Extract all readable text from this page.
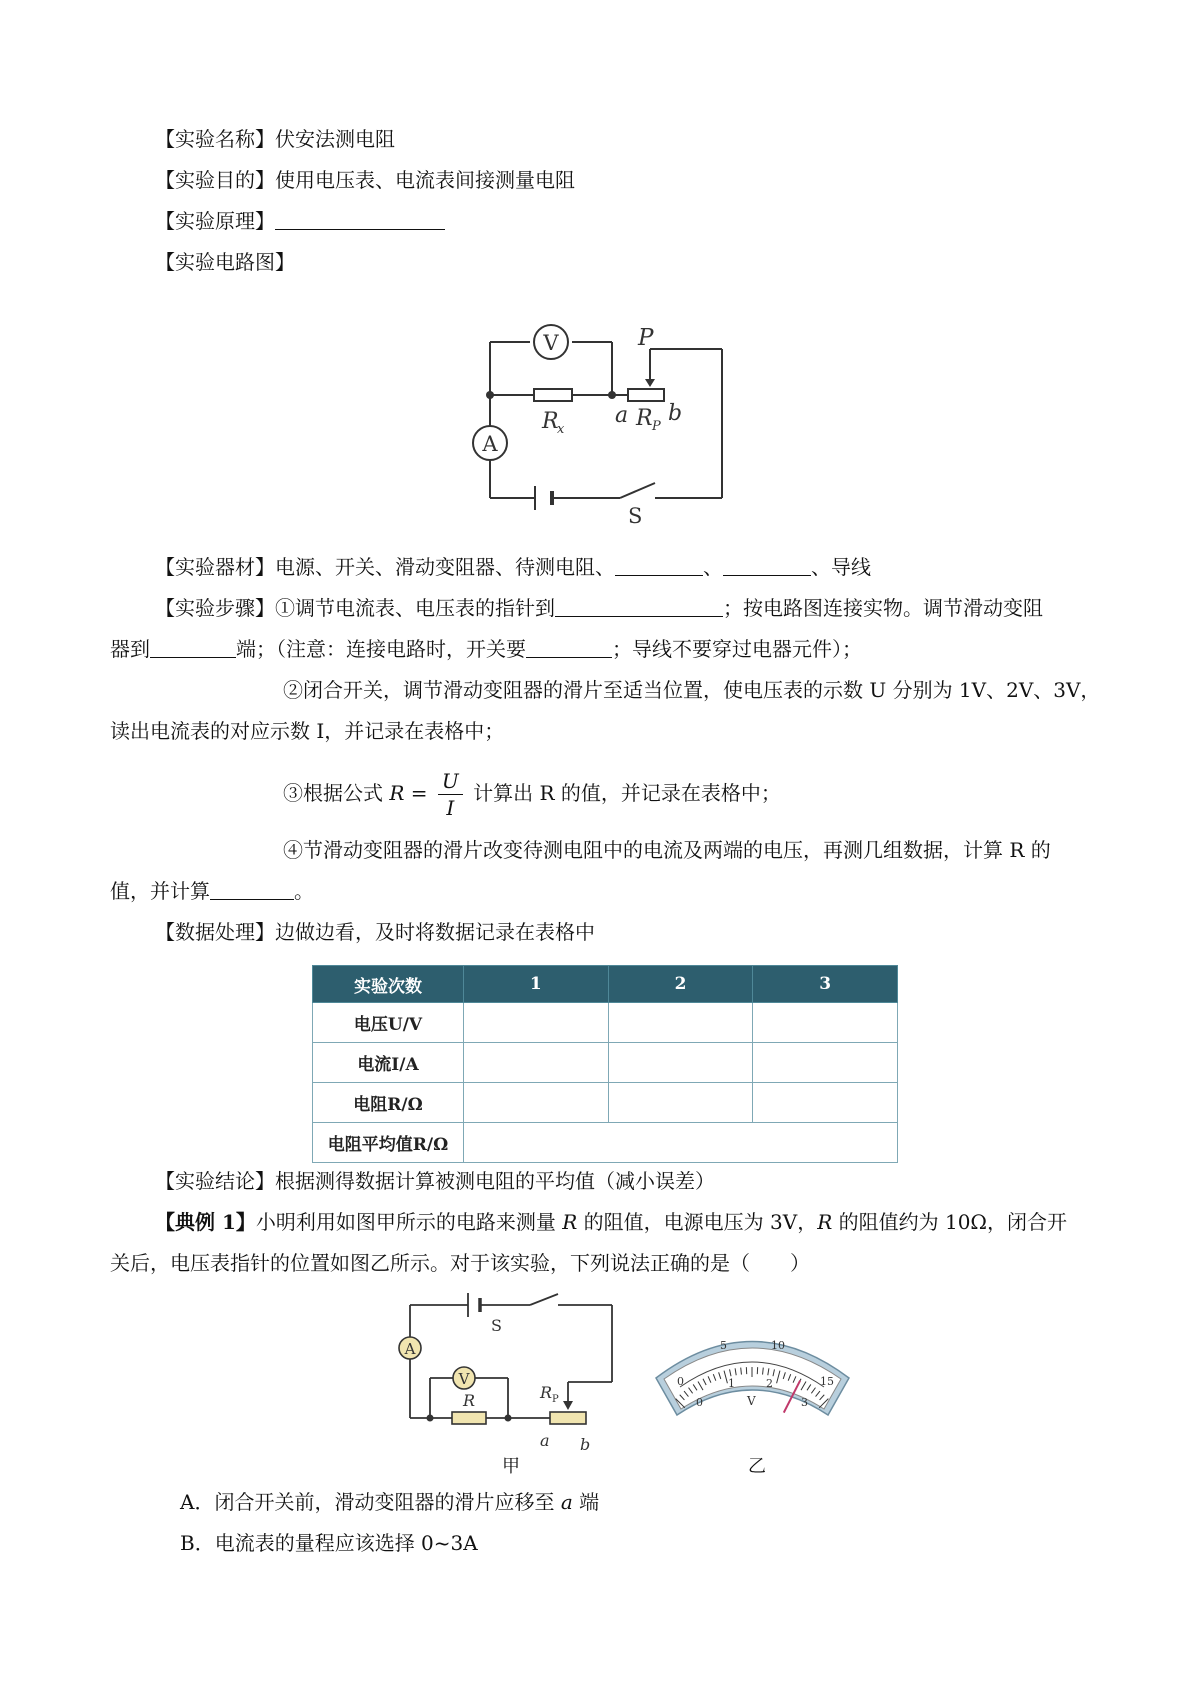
【实验名称】伏安法测电阻
【实验目的】使用电压表、电流表间接测量电阻
【实验原理】
【实验电路图】
V
A
P
R
x
a R P
b
S
【实验器材】电源、开关、滑动变阻器、待测电阻、	、	、导线
【实验步骤】①调节电流表、电压表的指针到	；按电路图连接实物。调节滑动变阻
器到	端；（注意：连接电路时，开关要	；导线不要穿过电器元件）；
②闭合开关，调节滑动变阻器的滑片至适当位置，使电压表的示数 U 分别为 1V、2V、3V，
读出电流表的对应示数 I，并记录在表格中；
③根据公式 $R = \frac{U}{I}$ 计算出 R 的值，并记录在表格中；
④节滑动变阻器的滑片改变待测电阻中的电流及两端的电压，再测几组数据，计算 R 的
值，并计算	。
【数据处理】边做边看，及时将数据记录在表格中
实验次数	1	2	3
电压U/V			
电流I/A			
电阻R/Ω			
电阻平均值R/Ω			
【实验结论】根据测得数据计算被测电阻的平均值（减小误差）
【典例 1】小明利用如图甲所示的电路来测量 R 的阻值，电源电压为 3V，R 的阻值约为 10Ω，闭合开
关后，电压表指针的位置如图乙所示。对于该实验，下列说法正确的是（　　）
A
V
S
R	R P
a b
甲
0
5	10
15
0
1	2
3
V
乙
A．闭合开关前，滑动变阻器的滑片应移至 a 端
B．电流表的量程应该选择 0~3A
